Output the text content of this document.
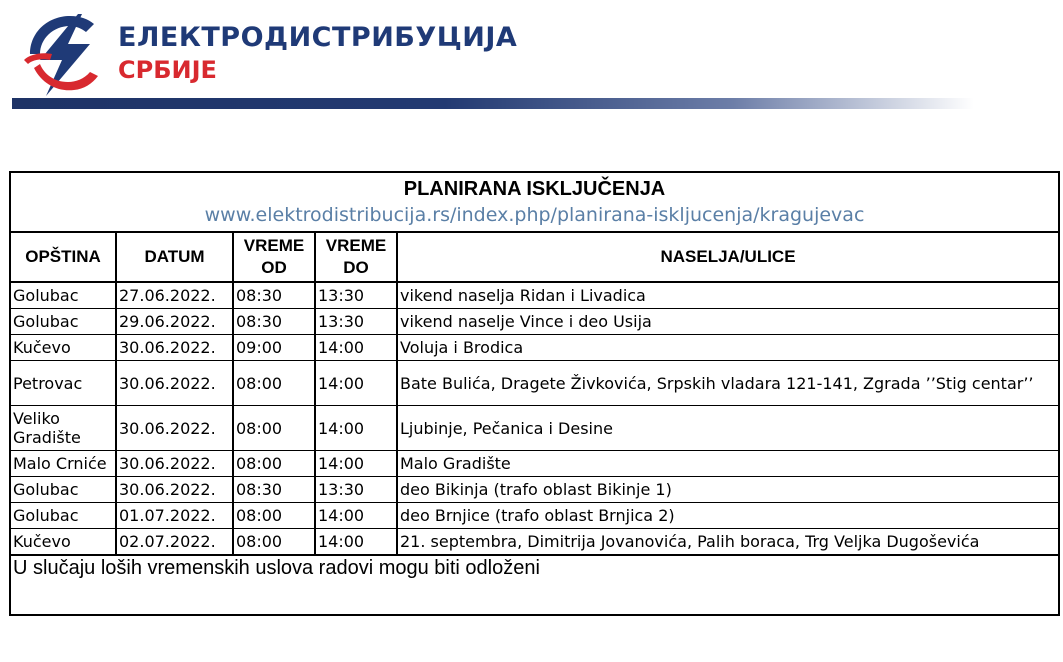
ЕЛЕКТРОДИСТРИБУЦИЈА
СРБИЈЕ
PLANIRANA ISKLJUČENJA
www.elektrodistribucija.rs/index.php/planirana-iskljucenja/kragujevac				

OPŠTINA	DATUM	VREME OD	VREME DO	NASELJA/ULICE
Golubac	27.06.2022.	08:30	13:30	vikend naselja Ridan i Livadica
Golubac	29.06.2022.	08:30	13:30	vikend naselje Vince i deo Usija
Kučevo	30.06.2022.	09:00	14:00	Voluja i Brodica
Petrovac	30.06.2022.	08:00	14:00	Bate Bulića, Dragete Živkovića, Srpskih vladara 121-141, Zgrada ’’Stig centar’’
Veliko Gradište	30.06.2022.	08:00	14:00	Ljubinje, Pečanica i Desine
Malo Crniće	30.06.2022.	08:00	14:00	Malo Gradište
Golubac	30.06.2022.	08:30	13:30	deo Bikinja (trafo oblast Bikinje 1)
Golubac	01.07.2022.	08:00	14:00	deo Brnjice (trafo oblast Brnjica 2)
Kučevo	02.07.2022.	08:00	14:00	21. septembra, Dimitrija Jovanovića, Palih boraca, Trg Veljka Dugoševića
U slučaju loših vremenskih uslova radovi mogu biti odloženi				
